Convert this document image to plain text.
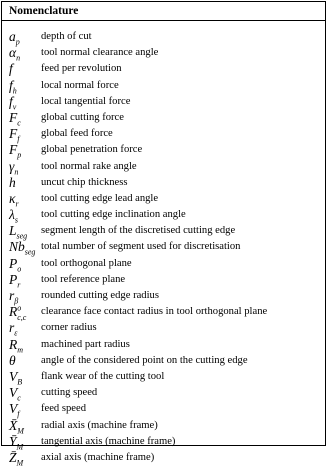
Nomenclature
$a_p$
depth of cut
$\alpha_n$
tool normal clearance angle
f	feed per revolution
$f_h$
local normal force
$f_v$
local tangential force
$F_c$
global cutting force
$F_f$
global feed force
$F_p$
global penetration force
$\gamma_n$
tool normal rake angle
h uncut chip thickness
$\kappa_r$
tool cutting edge lead angle
$\lambda_s$
tool cutting edge inclination angle
$L_{seg}$
segment length of the discretised cutting edge
$Nb_{seg}$
total number of segment used for discretisation
$P_o$
tool orthogonal plane
$P_r$
tool reference plane
$r_\beta$
rounded cutting edge radius
$R^o_{c,c}$
clearance face contact radius in tool orthogonal plane
$r_\varepsilon$
corner radius
$R_m$
machined part radius
θ angle of the considered point on the cutting edge
$V_B$
flank wear of the cutting tool
$V_c$
cutting speed
$V_f$
feed speed
$X̄_M$
radial axis (machine frame)
$Ȳ_M$
tangential axis (machine frame)
$Z̄_M$
axial axis (machine frame)
